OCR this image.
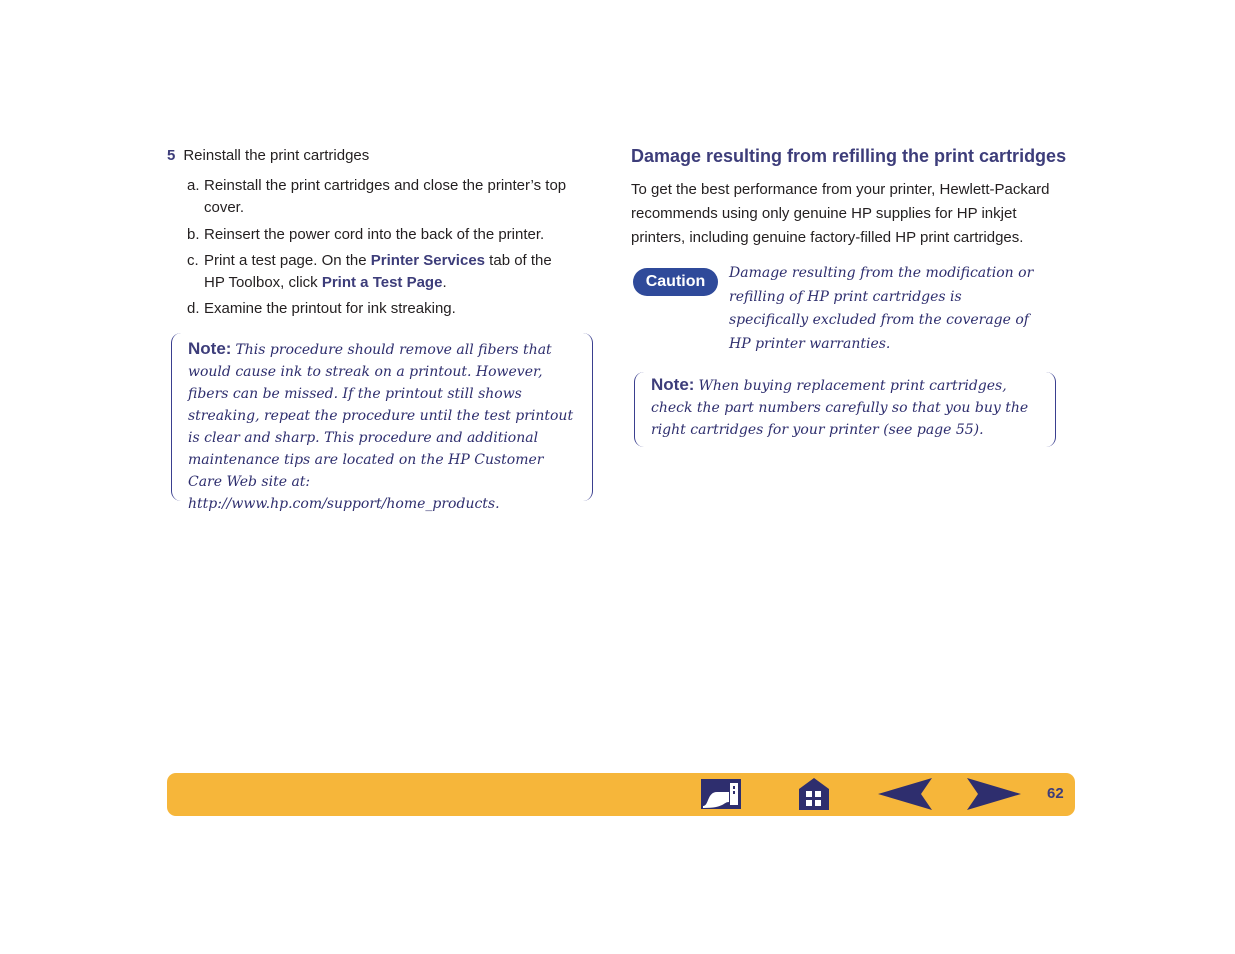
5 Reinstall the print cartridges
a. Reinstall the print cartridges and close the printer’s top
cover.
b. Reinsert the power cord into the back of the printer.
c. Print a test page. On the Printer Services tab of the
HP Toolbox, click Print a Test Page.
d. Examine the printout for ink streaking.
Note: This procedure should remove all fibers that would cause ink to streak on a printout. However, fibers can be missed. If the printout still shows streaking, repeat the procedure until the test printout is clear and sharp. This procedure and additional maintenance tips are located on the HP Customer Care Web site at: http://www.hp.com/support/home_products.
Damage resulting from refilling the print cartridges

To get the best performance from your printer, Hewlett-Packard recommends using only genuine HP supplies for HP inkjet printers, including genuine factory-filled HP print cartridges.

Caution	Damage resulting from the modification or refilling of HP print cartridges is specifically excluded from the coverage of HP printer warranties.

Note: When buying replacement print cartridges, check the part numbers carefully so that you buy the right cartridges for your printer (see page 55).
62
